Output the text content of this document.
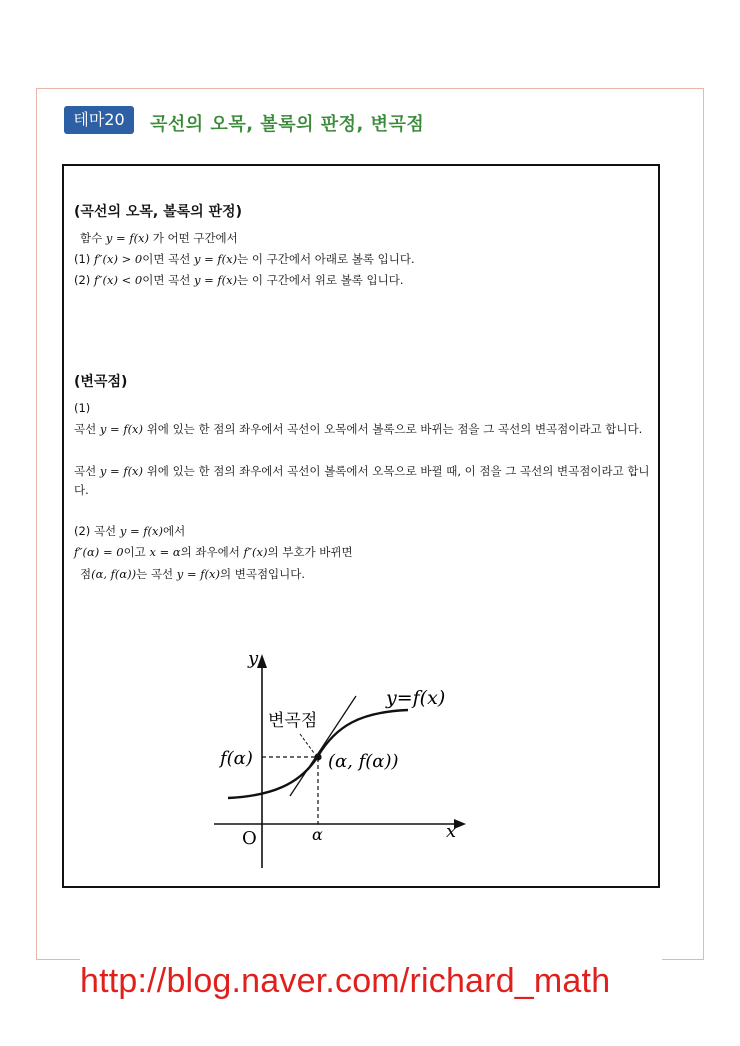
테마20	곡선의 오목, 볼록의 판정, 변곡점
(곡선의 오목, 볼록의 판정)
함수 y = f(x) 가 어떤 구간에서
(1) f″(x) > 0이면 곡선 y = f(x)는 이 구간에서 아래로 볼록 입니다.
(2) f″(x) < 0이면 곡선 y = f(x)는 이 구간에서 위로 볼록 입니다.
(변곡점)
(1)
곡선 y = f(x) 위에 있는 한 점의 좌우에서 곡선이 오목에서 볼록으로 바뀌는 점을 그 곡선의 변곡점이라고 합니다.
곡선 y = f(x) 위에 있는 한 점의 좌우에서 곡선이 볼록에서 오목으로 바뀔 때, 이 점을 그 곡선의 변곡점이라고 합니다.
(2) 곡선 y = f(x)에서
f″(α) = 0이고 x = α의 좌우에서 f″(x)의 부호가 바뀌면
점(α, f(α))는 곡선 y = f(x)의 변곡점입니다.
y
x
O
y=f(x)
변곡점
(α, f(α))
f(α)
α
http://blog.naver.com/richard_math
